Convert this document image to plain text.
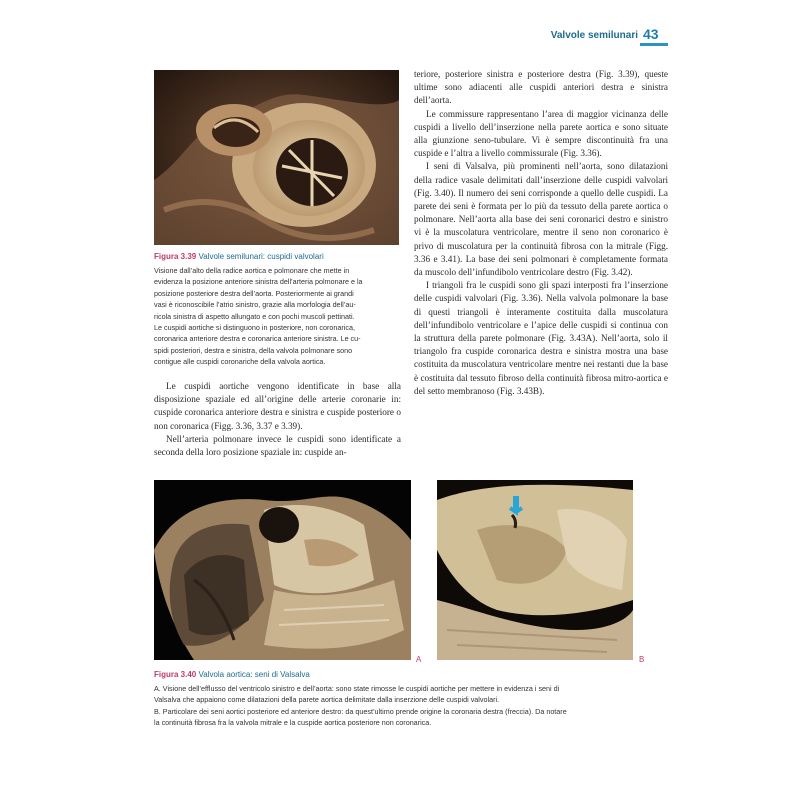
Valvole semilunari 43
Figura 3.39 Valvole semilunari: cuspidi valvolari
Visione dall’alto della radice aortica e polmonare che mette in
evidenza la posizione anteriore sinistra dell’arteria polmonare e la
posizione posteriore destra dell’aorta. Posteriormente ai grandi
vasi è riconoscibile l’atrio sinistro, grazie alla morfologia dell’au-
ricola sinistra di aspetto allungato e con pochi muscoli pettinati.
Le cuspidi aortiche si distinguono in posteriore, non coronarica,
coronarica anteriore destra e coronarica anteriore sinistra. Le cu-
spidi posteriori, destra e sinistra, della valvola polmonare sono
contigue alle cuspidi coronariche della valvola aortica.

Le cuspidi aortiche vengono identificate in base alla disposizione spaziale ed all’origine delle arterie coronarie in: cuspide coronarica anteriore destra e sinistra e cuspide posteriore o non coronarica (Figg. 3.36, 3.37 e 3.39).

Nell’arteria polmonare invece le cuspidi sono identificate a seconda della loro posizione spaziale in: cuspide an-

teriore, posteriore sinistra e posteriore destra (Fig. 3.39), queste ultime sono adiacenti alle cuspidi anteriori destra e sinistra dell’aorta.

Le commissure rappresentano l’area di maggior vicinanza delle cuspidi a livello dell’inserzione nella parete aortica e sono situate alla giunzione seno-tubulare. Vi è sempre discontinuità fra una cuspide e l’altra a livello commissurale (Fig. 3.36).

I seni di Valsalva, più prominenti nell’aorta, sono dilatazioni della radice vasale delimitati dall’inserzione delle cuspidi valvolari (Fig. 3.40). Il numero dei seni corrisponde a quello delle cuspidi. La parete dei seni è formata per lo più da tessuto della parete aortica o polmonare. Nell’aorta alla base dei seni coronarici destro e sinistro vi è la muscolatura ventricolare, mentre il seno non coronarico è privo di muscolatura per la continuità fibrosa con la mitrale (Figg. 3.36 e 3.41). La base dei seni polmonari è completamente formata da muscolo dell’infundibolo ventricolare destro (Fig. 3.42).

I triangoli fra le cuspidi sono gli spazi interposti fra l’inserzione delle cuspidi valvolari (Fig. 3.36). Nella valvola polmonare la base di questi triangoli è interamente costituita dalla muscolatura dell’infundibolo ventricolare e l’apice delle cuspidi si continua con la struttura della parete polmonare (Fig. 3.43A). Nell’aorta, solo il triangolo fra cuspide coronarica destra e sinistra mostra una base costituita da muscolatura ventricolare mentre nei restanti due la base è costituita dal tessuto fibroso della continuità fibrosa mitro-aortica e del setto membranoso (Fig. 3.43B).

A	B
Figura 3.40 Valvola aortica: seni di Valsalva
A. Visione dell’efflusso del ventricolo sinistro e dell’aorta: sono state rimosse le cuspidi aortiche per mettere in evidenza i seni di
Valsalva che appaiono come dilatazioni della parete aortica delimitate dalla inserzione delle cuspidi valvolari.
B. Particolare dei seni aortici posteriore ed anteriore destro: da quest’ultimo prende origine la coronaria destra (freccia). Da notare
la continuità fibrosa fra la valvola mitrale e la cuspide aortica posteriore non coronarica.
